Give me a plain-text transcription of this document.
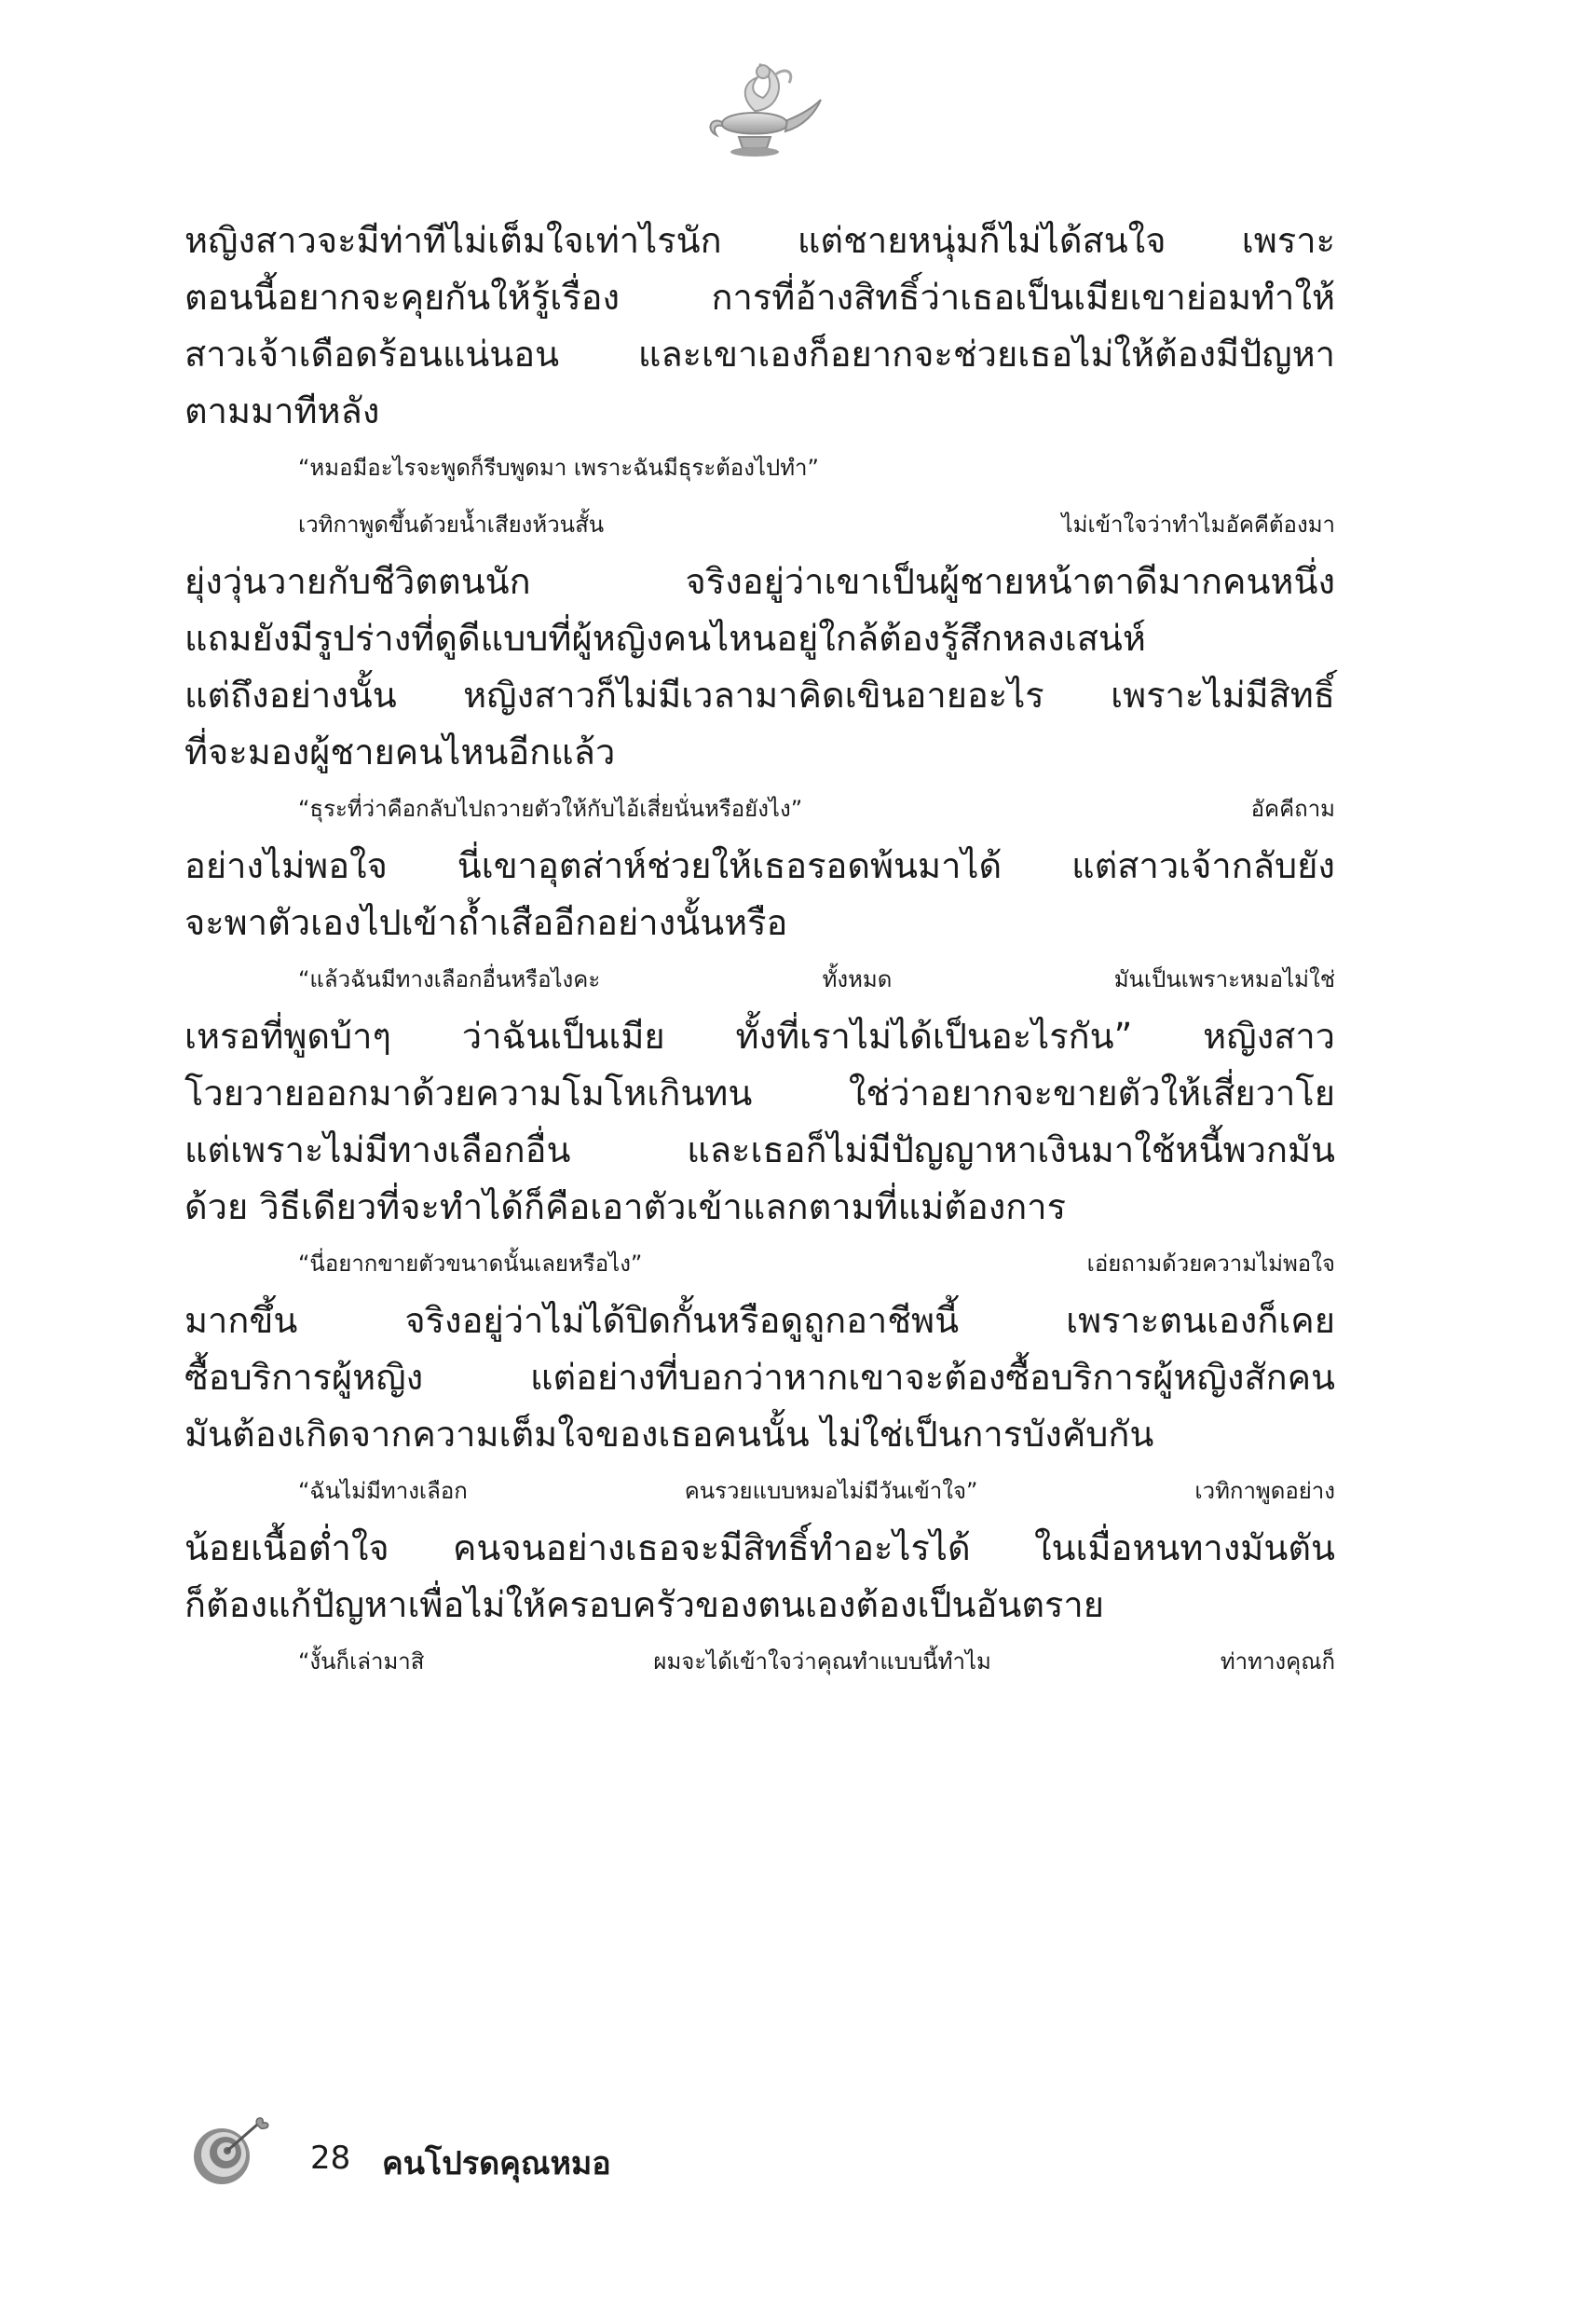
หญิงสาวจะมีท่าทีไม่เต็มใจเท่าไรนัก แต่ชายหนุ่มก็ไม่ได้สนใจ เพราะ
ตอนนี้อยากจะคุยกันให้รู้เรื่อง การที่อ้างสิทธิ์ว่าเธอเป็นเมียเขาย่อมทำให้
สาวเจ้าเดือดร้อนแน่นอน และเขาเองก็อยากจะช่วยเธอไม่ให้ต้องมีปัญหา
ตามมาทีหลัง
“หมอมีอะไรจะพูดก็รีบพูดมา เพราะฉันมีธุระต้องไปทำ”
เวทิกาพูดขึ้นด้วยน้ำเสียงห้วนสั้น ไม่เข้าใจว่าทำไมอัคคีต้องมา
ยุ่งวุ่นวายกับชีวิตตนนัก จริงอยู่ว่าเขาเป็นผู้ชายหน้าตาดีมากคนหนึ่ง
แถมยังมีรูปร่างที่ดูดีแบบที่ผู้หญิงคนไหนอยู่ใกล้ต้องรู้สึกหลงเสน่ห์
แต่ถึงอย่างนั้น หญิงสาวก็ไม่มีเวลามาคิดเขินอายอะไร เพราะไม่มีสิทธิ์
ที่จะมองผู้ชายคนไหนอีกแล้ว
“ธุระที่ว่าคือกลับไปถวายตัวให้กับไอ้เสี่ยนั่นหรือยังไง” อัคคีถาม
อย่างไม่พอใจ นี่เขาอุตส่าห์ช่วยให้เธอรอดพ้นมาได้ แต่สาวเจ้ากลับยัง
จะพาตัวเองไปเข้าถ้ำเสืออีกอย่างนั้นหรือ
“แล้วฉันมีทางเลือกอื่นหรือไงคะ ทั้งหมด มันเป็นเพราะหมอไม่ใช่
เหรอที่พูดบ้าๆ ว่าฉันเป็นเมีย ทั้งที่เราไม่ได้เป็นอะไรกัน” หญิงสาว
โวยวายออกมาด้วยความโมโหเกินทน ใช่ว่าอยากจะขายตัวให้เสี่ยวาโย
แต่เพราะไม่มีทางเลือกอื่น และเธอก็ไม่มีปัญญาหาเงินมาใช้หนี้พวกมัน
ด้วย วิธีเดียวที่จะทำได้ก็คือเอาตัวเข้าแลกตามที่แม่ต้องการ
“นี่อยากขายตัวขนาดนั้นเลยหรือไง” เอ่ยถามด้วยความไม่พอใจ
มากขึ้น จริงอยู่ว่าไม่ได้ปิดกั้นหรือดูถูกอาชีพนี้ เพราะตนเองก็เคย
ซื้อบริการผู้หญิง แต่อย่างที่บอกว่าหากเขาจะต้องซื้อบริการผู้หญิงสักคน
มันต้องเกิดจากความเต็มใจของเธอคนนั้น ไม่ใช่เป็นการบังคับกัน
“ฉันไม่มีทางเลือก คนรวยแบบหมอไม่มีวันเข้าใจ” เวทิกาพูดอย่าง
น้อยเนื้อต่ำใจ คนจนอย่างเธอจะมีสิทธิ์ทำอะไรได้ ในเมื่อหนทางมันตัน
ก็ต้องแก้ปัญหาเพื่อไม่ให้ครอบครัวของตนเองต้องเป็นอันตราย
“งั้นก็เล่ามาสิ ผมจะได้เข้าใจว่าคุณทำแบบนี้ทำไม ท่าทางคุณก็
28 คนโปรดคุณหมอ
